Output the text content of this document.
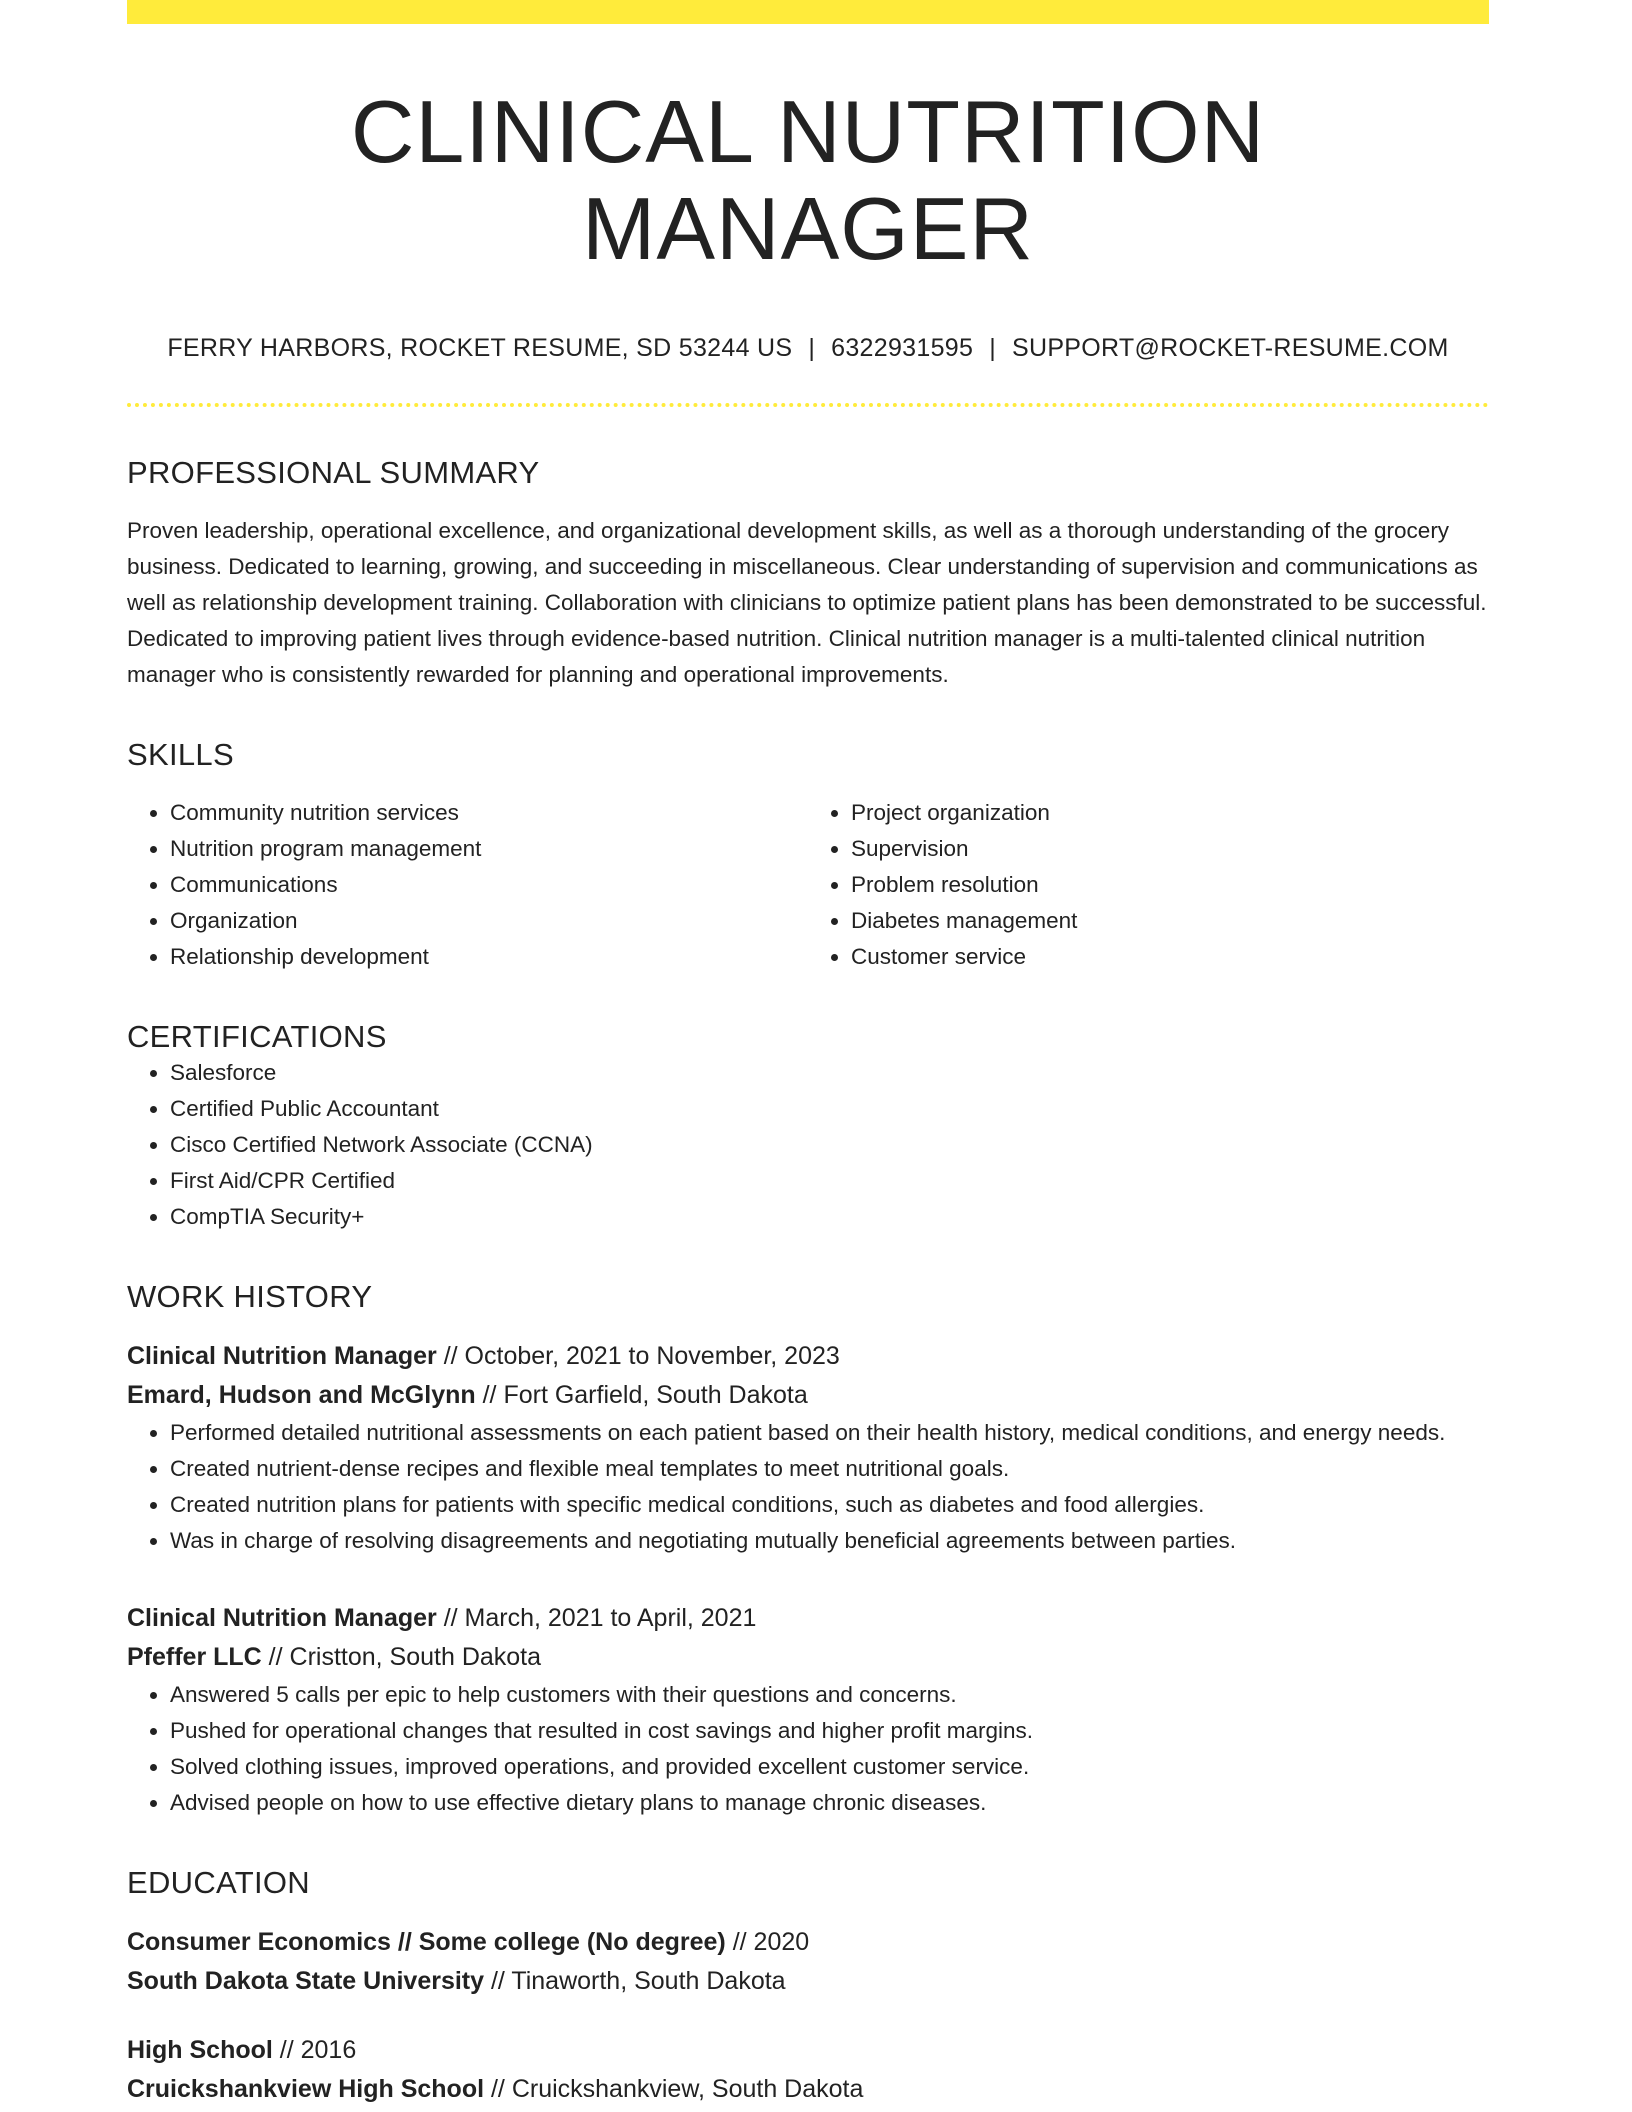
CLINICAL NUTRITION MANAGER
FERRY HARBORS, ROCKET RESUME, SD 53244 US | 6322931595 | SUPPORT@ROCKET-RESUME.COM
PROFESSIONAL SUMMARY

Proven leadership, operational excellence, and organizational development skills, as well as a thorough understanding of the grocery business. Dedicated to learning, growing, and succeeding in miscellaneous. Clear understanding of supervision and communications as well as relationship development training. Collaboration with clinicians to optimize patient plans has been demonstrated to be successful. Dedicated to improving patient lives through evidence-based nutrition. Clinical nutrition manager is a multi-talented clinical nutrition manager who is consistently rewarded for planning and operational improvements.

SKILLS
• Community nutrition services
• Nutrition program management
• Communications
• Organization
• Relationship development
• Project organization
• Supervision
• Problem resolution
• Diabetes management
• Customer service
CERTIFICATIONS
• Salesforce
• Certified Public Accountant
• Cisco Certified Network Associate (CCNA)
• First Aid/CPR Certified
• CompTIA Security+
WORK HISTORY
Clinical Nutrition Manager // October, 2021 to November, 2023
Emard, Hudson and McGlynn // Fort Garfield, South Dakota
• Performed detailed nutritional assessments on each patient based on their health history, medical conditions, and energy needs.
• Created nutrient-dense recipes and flexible meal templates to meet nutritional goals.
• Created nutrition plans for patients with specific medical conditions, such as diabetes and food allergies.
• Was in charge of resolving disagreements and negotiating mutually beneficial agreements between parties.
Clinical Nutrition Manager // March, 2021 to April, 2021
Pfeffer LLC // Cristton, South Dakota
• Answered 5 calls per epic to help customers with their questions and concerns.
• Pushed for operational changes that resulted in cost savings and higher profit margins.
• Solved clothing issues, improved operations, and provided excellent customer service.
• Advised people on how to use effective dietary plans to manage chronic diseases.
EDUCATION
Consumer Economics // Some college (No degree) // 2020
South Dakota State University // Tinaworth, South Dakota
High School // 2016
Cruickshankview High School // Cruickshankview, South Dakota
